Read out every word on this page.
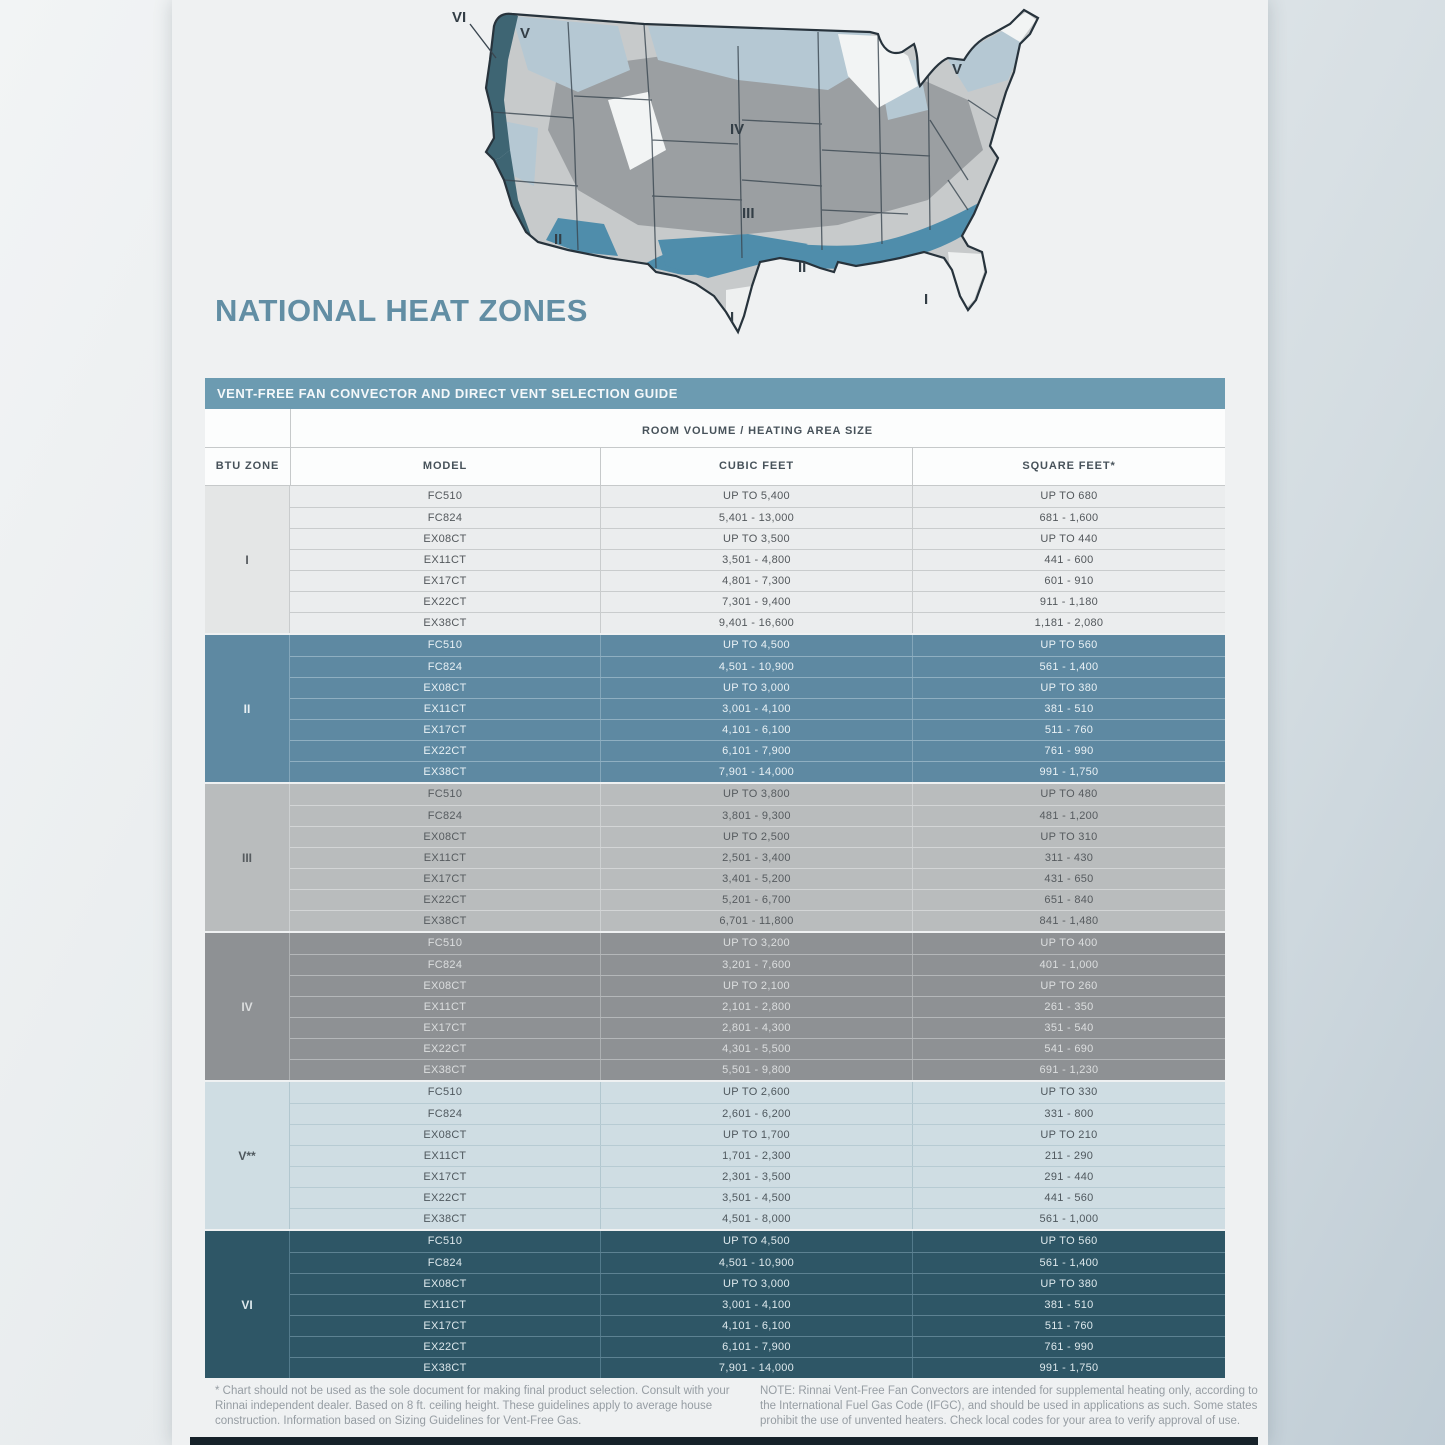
VI
V
V
IV
III
II
II
I
I
NATIONAL HEAT ZONES
VENT-FREE FAN CONVECTOR AND DIRECT VENT SELECTION GUIDE
ROOM VOLUME / HEATING AREA SIZE
BTU ZONE	MODEL	CUBIC FEET	SQUARE FEET*
I
FC510	UP TO 5,400	UP TO 680
FC824	5,401 - 13,000	681 - 1,600
EX08CT	UP TO 3,500	UP TO 440
EX11CT	3,501 - 4,800	441 - 600
EX17CT	4,801 - 7,300	601 - 910
EX22CT	7,301 - 9,400	911 - 1,180
EX38CT	9,401 - 16,600	1,181 - 2,080
II
FC510	UP TO 4,500	UP TO 560
FC824	4,501 - 10,900	561 - 1,400
EX08CT	UP TO 3,000	UP TO 380
EX11CT	3,001 - 4,100	381 - 510
EX17CT	4,101 - 6,100	511 - 760
EX22CT	6,101 - 7,900	761 - 990
EX38CT	7,901 - 14,000	991 - 1,750
III
FC510	UP TO 3,800	UP TO 480
FC824	3,801 - 9,300	481 - 1,200
EX08CT	UP TO 2,500	UP TO 310
EX11CT	2,501 - 3,400	311 - 430
EX17CT	3,401 - 5,200	431 - 650
EX22CT	5,201 - 6,700	651 - 840
EX38CT	6,701 - 11,800	841 - 1,480
IV
FC510	UP TO 3,200	UP TO 400
FC824	3,201 - 7,600	401 - 1,000
EX08CT	UP TO 2,100	UP TO 260
EX11CT	2,101 - 2,800	261 - 350
EX17CT	2,801 - 4,300	351 - 540
EX22CT	4,301 - 5,500	541 - 690
EX38CT	5,501 - 9,800	691 - 1,230
V**
FC510	UP TO 2,600	UP TO 330
FC824	2,601 - 6,200	331 - 800
EX08CT	UP TO 1,700	UP TO 210
EX11CT	1,701 - 2,300	211 - 290
EX17CT	2,301 - 3,500	291 - 440
EX22CT	3,501 - 4,500	441 - 560
EX38CT	4,501 - 8,000	561 - 1,000
VI
FC510	UP TO 4,500	UP TO 560
FC824	4,501 - 10,900	561 - 1,400
EX08CT	UP TO 3,000	UP TO 380
EX11CT	3,001 - 4,100	381 - 510
EX17CT	4,101 - 6,100	511 - 760
EX22CT	6,101 - 7,900	761 - 990
EX38CT	7,901 - 14,000	991 - 1,750
* Chart should not be used as the sole document for making final product selection. Consult with your Rinnai independent dealer. Based on 8 ft. ceiling height. These guidelines apply to average house construction. Information based on Sizing Guidelines for Vent-Free Gas.
NOTE: Rinnai Vent-Free Fan Convectors are intended for supplemental heating only, according to the International Fuel Gas Code (IFGC), and should be used in applications as such. Some states prohibit the use of unvented heaters. Check local codes for your area to verify approval of use.
